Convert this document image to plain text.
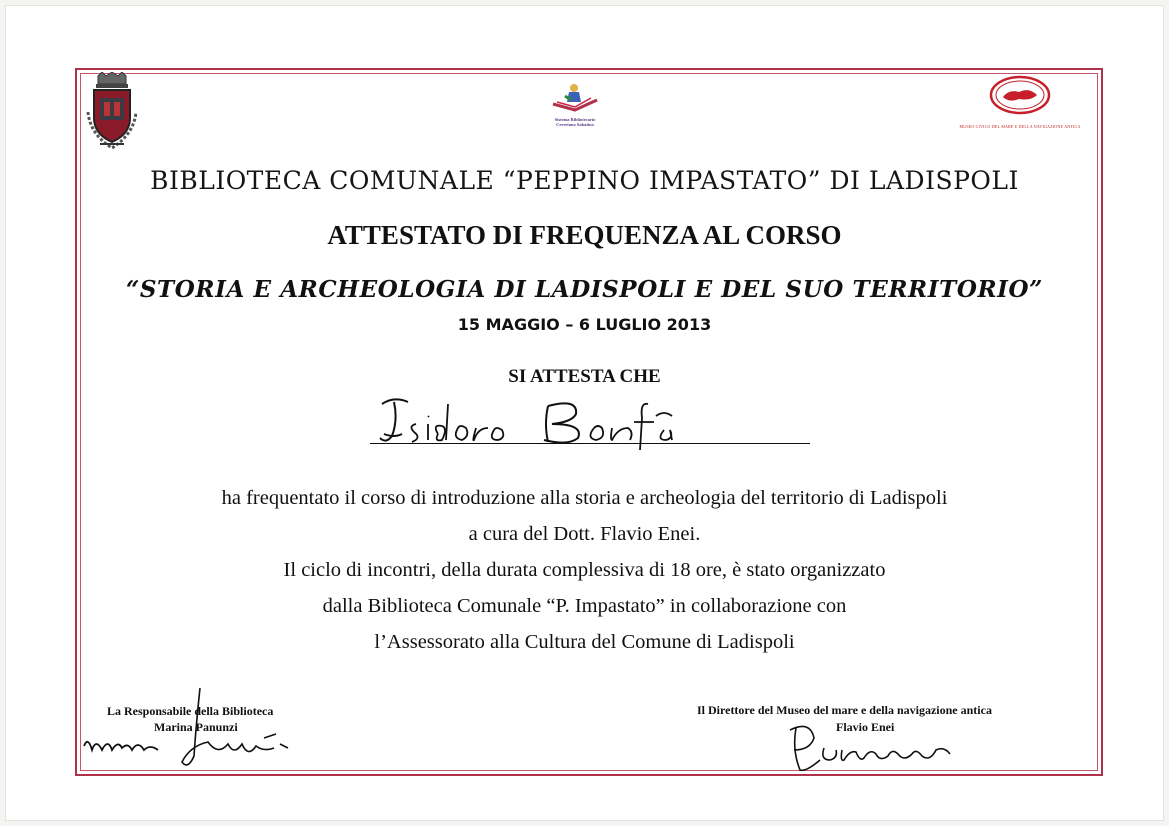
Sistema Bibliotecario
Cerretano Sabatino	MUSEO CIVICO DEL MARE E DELLA NAVIGAZIONE ANTICA
BIBLIOTECA COMUNALE “PEPPINO IMPASTATO” DI LADISPOLI
ATTESTATO DI FREQUENZA AL CORSO
“STORIA E ARCHEOLOGIA DI LADISPOLI E DEL SUO TERRITORIO”
15 MAGGIO – 6 LUGLIO 2013
SI ATTESTA CHE
ha frequentato il corso di introduzione alla storia e archeologia del territorio di Ladispoli
a cura del Dott. Flavio Enei.
Il ciclo di incontri, della durata complessiva di 18 ore, è stato organizzato
dalla Biblioteca Comunale “P. Impastato” in collaborazione con
l’Assessorato alla Cultura del Comune di Ladispoli
La Responsabile della Biblioteca
Marina Panunzi
Il Direttore del Museo del mare e della navigazione antica
Flavio Enei
